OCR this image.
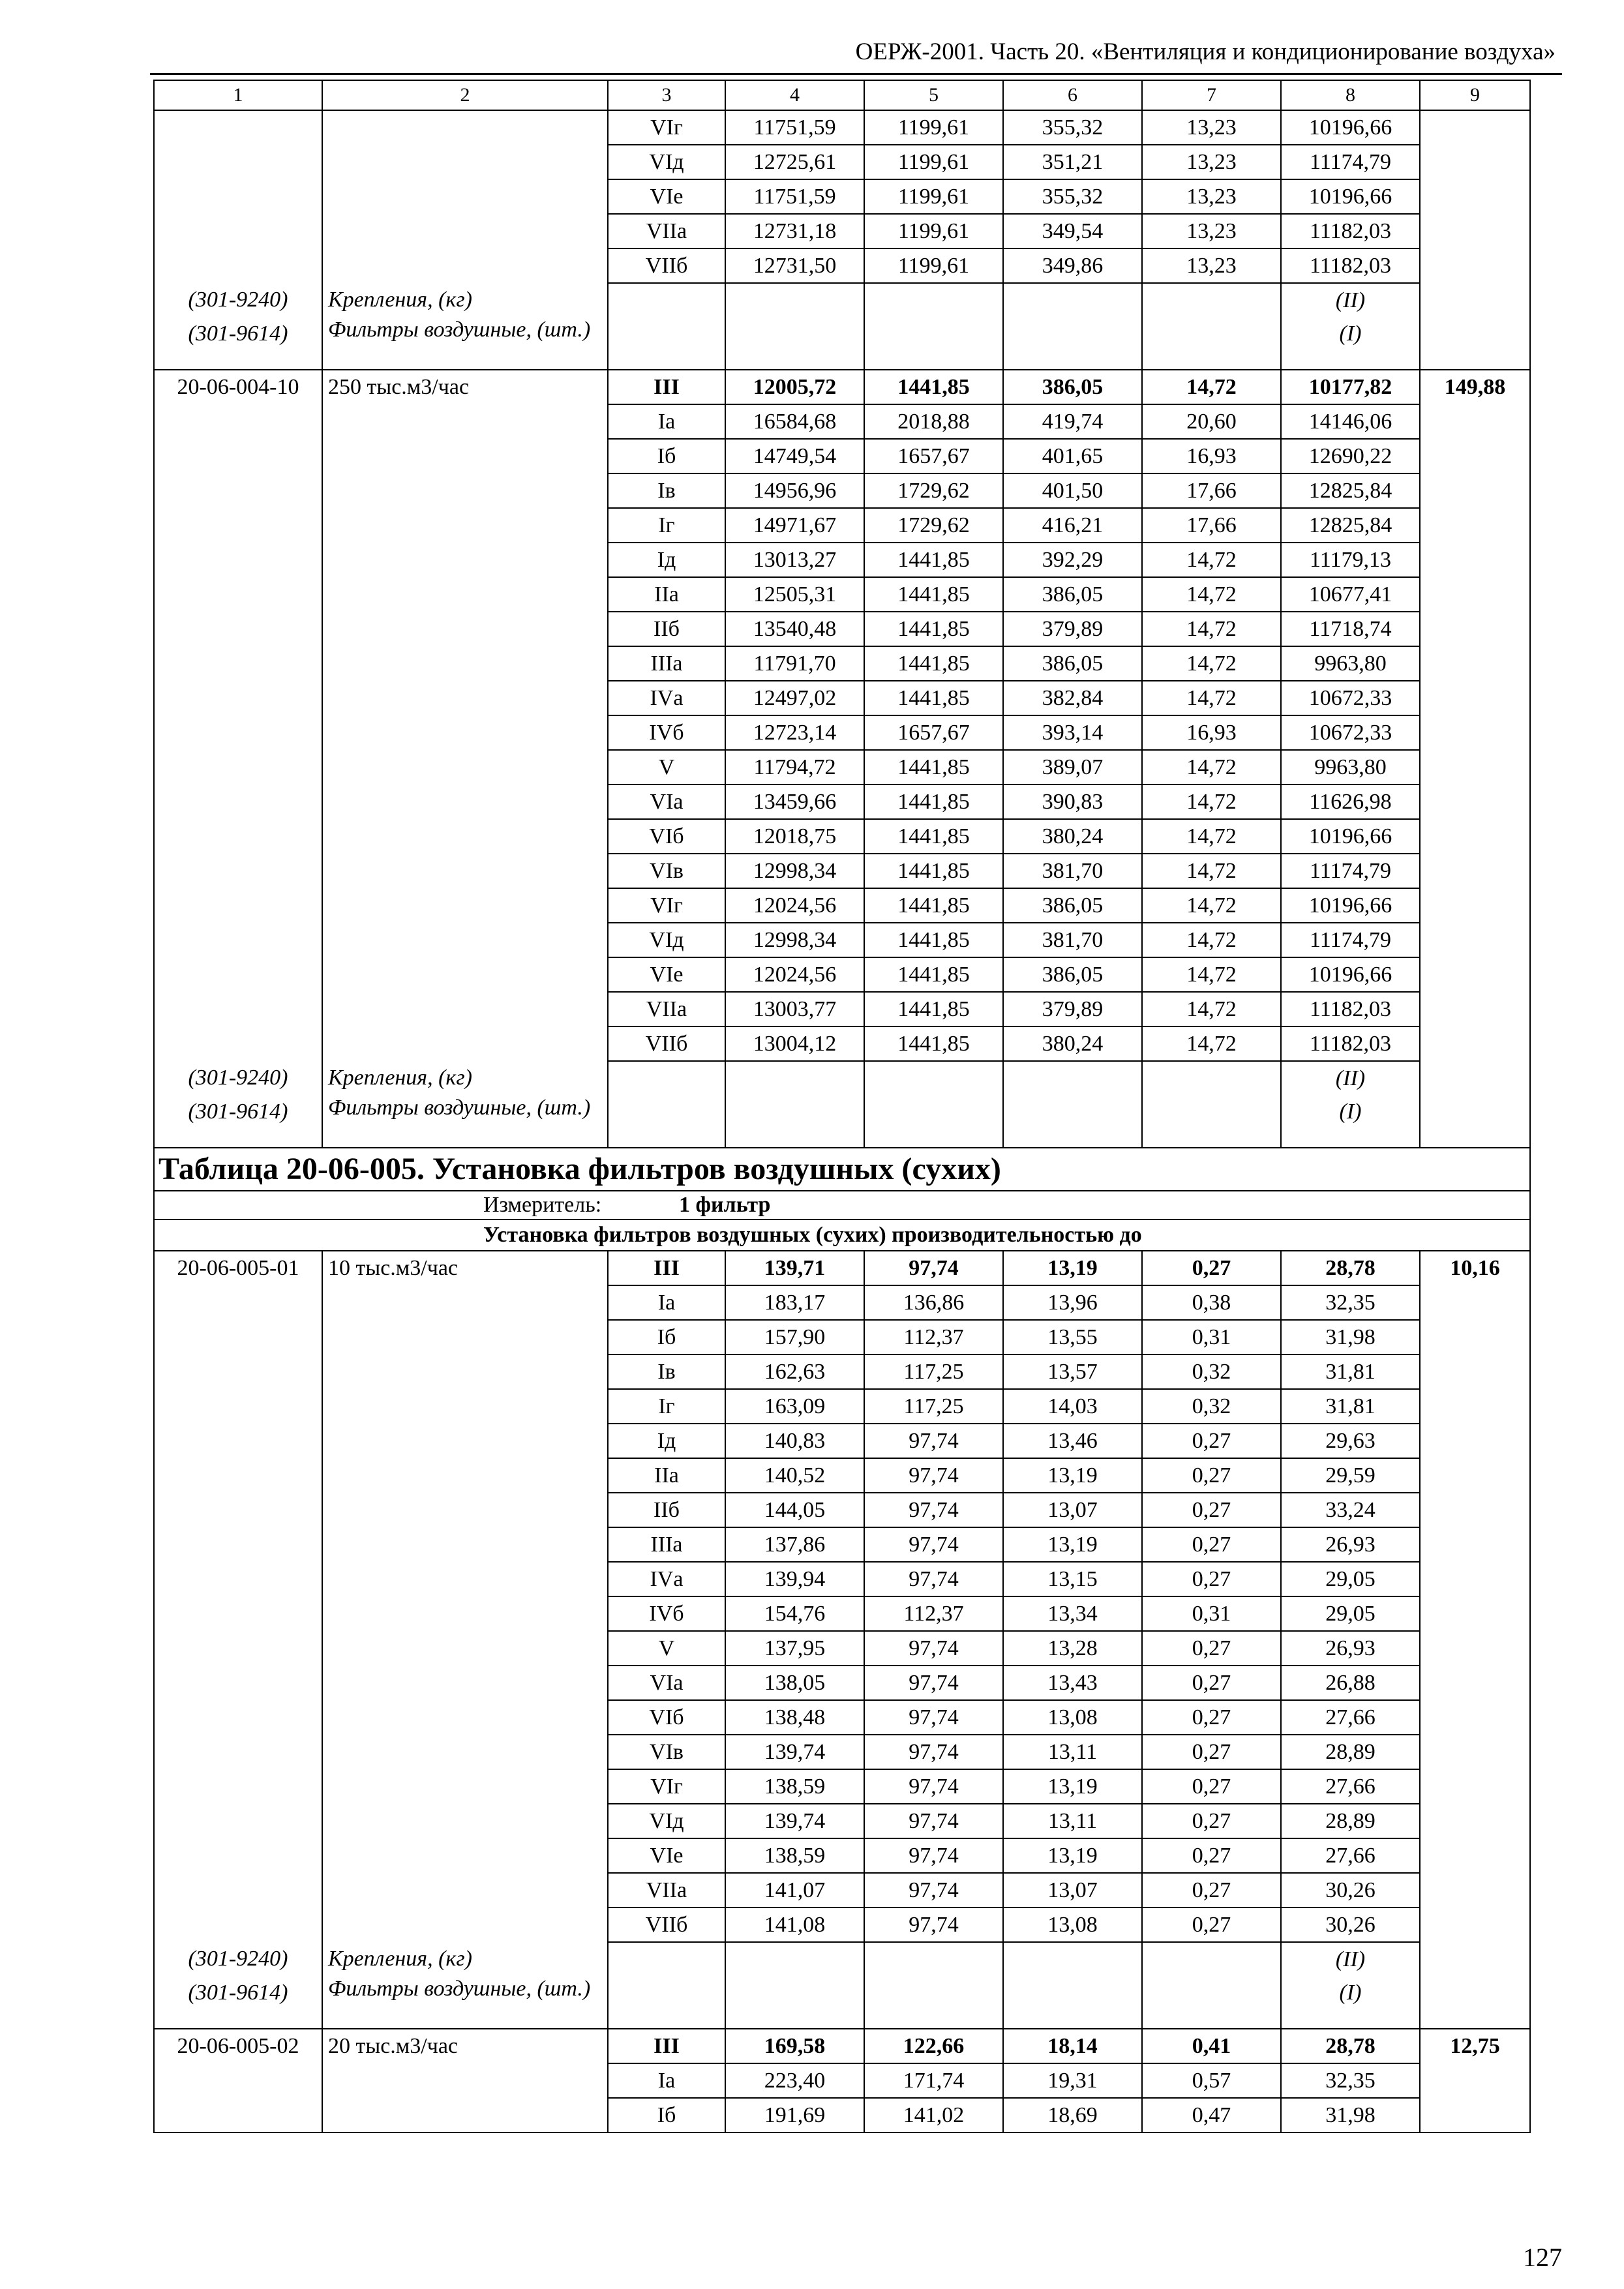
ОЕРЖ-2001. Часть 20. «Вентиляция и кондиционирование воздуха»
1	2	3	4	5	6	7	8	9
		VIг	11751,59	1199,61	355,32	13,23	10196,66	
		VIд	12725,61	1199,61	351,21	13,23	11174,79	
		VIе	11751,59	1199,61	355,32	13,23	10196,66	
		VIIа	12731,18	1199,61	349,54	13,23	11182,03	
		VIIб	12731,50	1199,61	349,86	13,23	11182,03	
(301-9240)	Крепления, (кг)						(II)	
(301-9614)	Фильтры воздушные, (шт.)						(I)	
20-06-004-10	250 тыс.м3/час	III	12005,72	1441,85	386,05	14,72	10177,82	149,88
		Iа	16584,68	2018,88	419,74	20,60	14146,06	
		Iб	14749,54	1657,67	401,65	16,93	12690,22	
		Iв	14956,96	1729,62	401,50	17,66	12825,84	
		Iг	14971,67	1729,62	416,21	17,66	12825,84	
		Iд	13013,27	1441,85	392,29	14,72	11179,13	
		IIа	12505,31	1441,85	386,05	14,72	10677,41	
		IIб	13540,48	1441,85	379,89	14,72	11718,74	
		IIIа	11791,70	1441,85	386,05	14,72	9963,80	
		IVа	12497,02	1441,85	382,84	14,72	10672,33	
		IVб	12723,14	1657,67	393,14	16,93	10672,33	
		V	11794,72	1441,85	389,07	14,72	9963,80	
		VIа	13459,66	1441,85	390,83	14,72	11626,98	
		VIб	12018,75	1441,85	380,24	14,72	10196,66	
		VIв	12998,34	1441,85	381,70	14,72	11174,79	
		VIг	12024,56	1441,85	386,05	14,72	10196,66	
		VIд	12998,34	1441,85	381,70	14,72	11174,79	
		VIе	12024,56	1441,85	386,05	14,72	10196,66	
		VIIа	13003,77	1441,85	379,89	14,72	11182,03	
		VIIб	13004,12	1441,85	380,24	14,72	11182,03	
(301-9240)	Крепления, (кг)						(II)	
(301-9614)	Фильтры воздушные, (шт.)						(I)	
Таблица 20-06-005. Установка фильтров воздушных (сухих)								
Измеритель: 1 фильтр								
Установка фильтров воздушных (сухих) производительностью до								
20-06-005-01	10 тыс.м3/час	III	139,71	97,74	13,19	0,27	28,78	10,16
		Iа	183,17	136,86	13,96	0,38	32,35	
		Iб	157,90	112,37	13,55	0,31	31,98	
		Iв	162,63	117,25	13,57	0,32	31,81	
		Iг	163,09	117,25	14,03	0,32	31,81	
		Iд	140,83	97,74	13,46	0,27	29,63	
		IIа	140,52	97,74	13,19	0,27	29,59	
		IIб	144,05	97,74	13,07	0,27	33,24	
		IIIа	137,86	97,74	13,19	0,27	26,93	
		IVа	139,94	97,74	13,15	0,27	29,05	
		IVб	154,76	112,37	13,34	0,31	29,05	
		V	137,95	97,74	13,28	0,27	26,93	
		VIа	138,05	97,74	13,43	0,27	26,88	
		VIб	138,48	97,74	13,08	0,27	27,66	
		VIв	139,74	97,74	13,11	0,27	28,89	
		VIг	138,59	97,74	13,19	0,27	27,66	
		VIд	139,74	97,74	13,11	0,27	28,89	
		VIе	138,59	97,74	13,19	0,27	27,66	
		VIIа	141,07	97,74	13,07	0,27	30,26	
		VIIб	141,08	97,74	13,08	0,27	30,26	
(301-9240)	Крепления, (кг)						(II)	
(301-9614)	Фильтры воздушные, (шт.)						(I)	
20-06-005-02	20 тыс.м3/час	III	169,58	122,66	18,14	0,41	28,78	12,75
		Iа	223,40	171,74	19,31	0,57	32,35	
		Iб	191,69	141,02	18,69	0,47	31,98	
127
